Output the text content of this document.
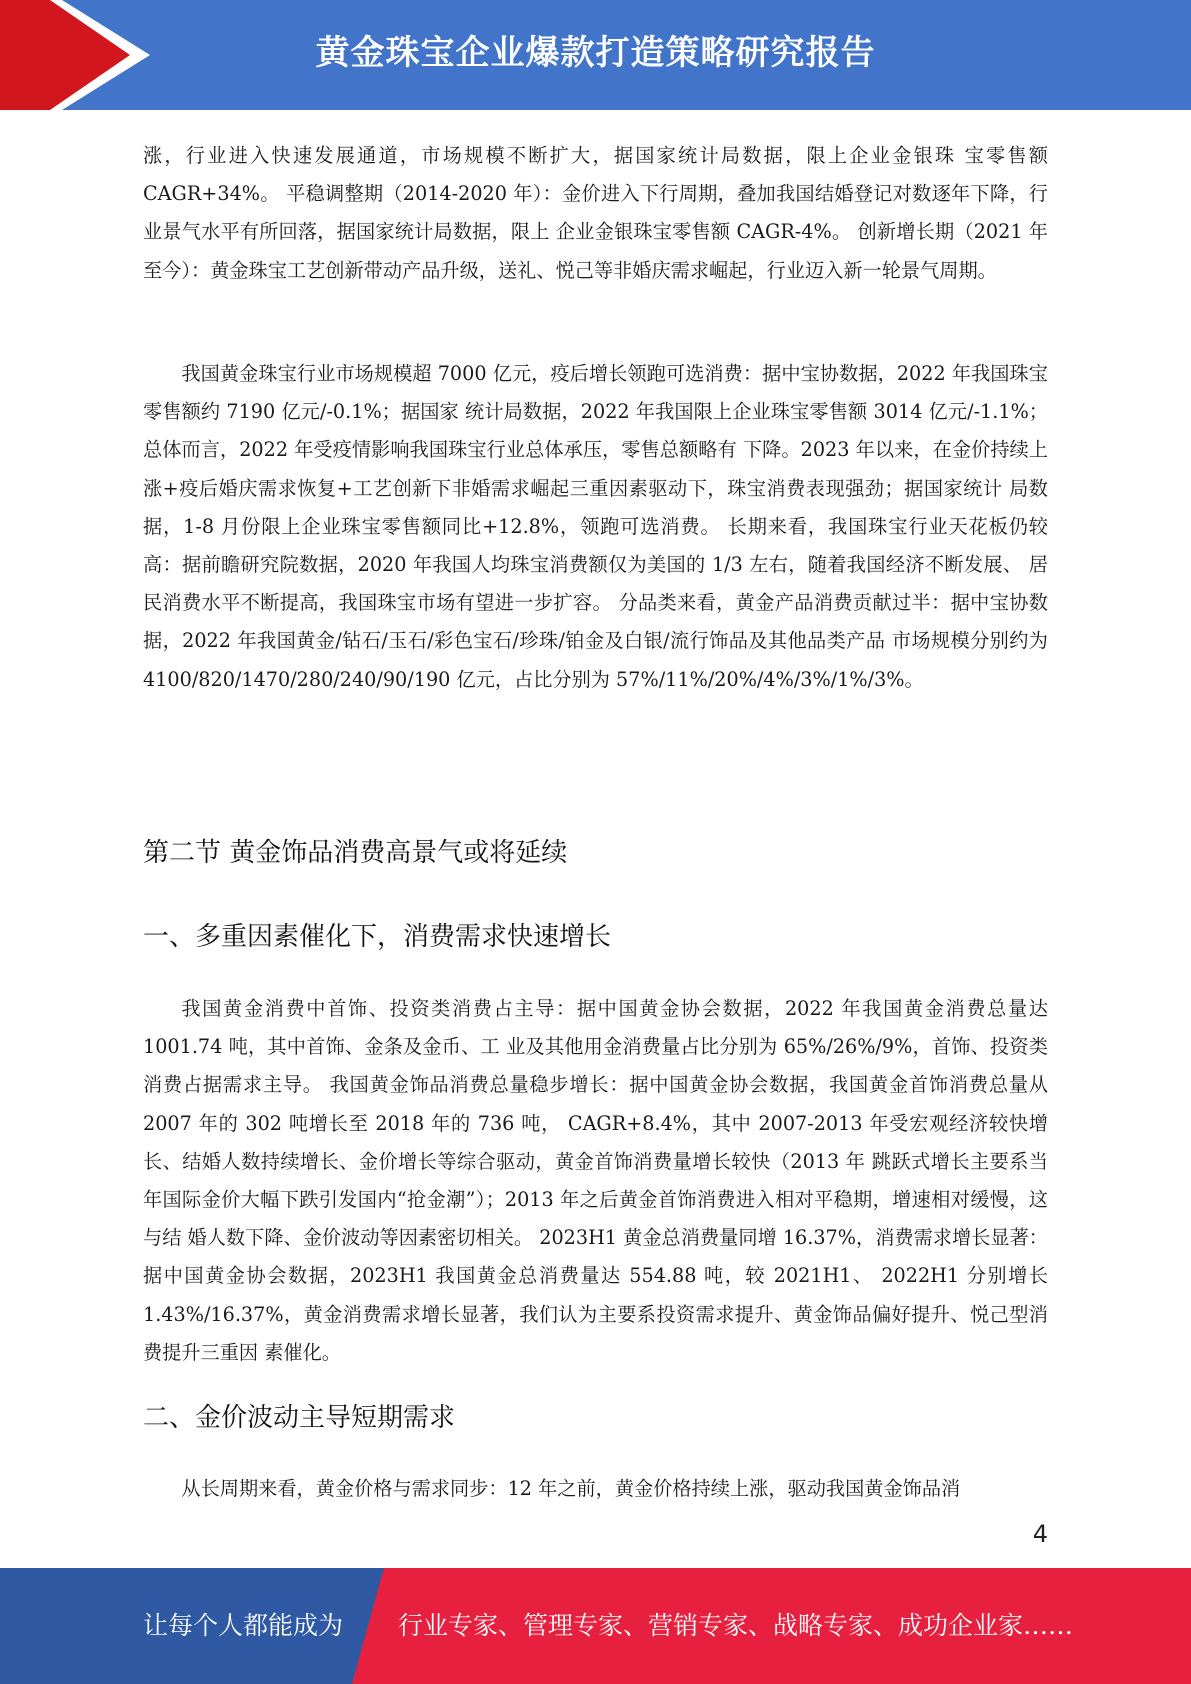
黄金珠宝企业爆款打造策略研究报告

涨，行业进入快速发展通道，市场规模不断扩大，据国家统计局数据，限上企业金银珠 宝零售额 CAGR+34%。 平稳调整期（2014-2020 年）：金价进入下行周期，叠加我国结婚登记对数逐年下降，行业景气水平有所回落，据国家统计局数据，限上 企业金银珠宝零售额 CAGR-4%。 创新增长期（2021 年至今）：黄金珠宝工艺创新带动产品升级，送礼、悦己等非婚庆需求崛起，行业迈入新一轮景气周期。

我国黄金珠宝行业市场规模超 7000 亿元，疫后增长领跑可选消费：据中宝协数据，2022 年我国珠宝零售额约 7190 亿元/-0.1%；据国家 统计局数据，2022 年我国限上企业珠宝零售额 3014 亿元/-1.1%；总体而言，2022 年受疫情影响我国珠宝行业总体承压，零售总额略有 下降。2023 年以来，在金价持续上涨+疫后婚庆需求恢复+工艺创新下非婚需求崛起三重因素驱动下，珠宝消费表现强劲；据国家统计 局数据，1-8 月份限上企业珠宝零售额同比+12.8%，领跑可选消费。 长期来看，我国珠宝行业天花板仍较高：据前瞻研究院数据，2020 年我国人均珠宝消费额仅为美国的 1/3 左右，随着我国经济不断发展、 居民消费水平不断提高，我国珠宝市场有望进一步扩容。 分品类来看，黄金产品消费贡献过半：据中宝协数据，2022 年我国黄金/钻石/玉石/彩色宝石/珍珠/铂金及白银/流行饰品及其他品类产品 市场规模分别约为 4100/820/1470/280/240/90/190 亿元，占比分别为 57%/11%/20%/4%/3%/1%/3%。

第二节 黄金饰品消费高景气或将延续
一、多重因素催化下，消费需求快速增长

我国黄金消费中首饰、投资类消费占主导：据中国黄金协会数据，2022 年我国黄金消费总量达 1001.74 吨，其中首饰、金条及金币、工 业及其他用金消费量占比分别为 65%/26%/9%，首饰、投资类消费占据需求主导。 我国黄金饰品消费总量稳步增长：据中国黄金协会数据，我国黄金首饰消费总量从 2007 年的 302 吨增长至 2018 年的 736 吨， CAGR+8.4%，其中 2007-2013 年受宏观经济较快增长、结婚人数持续增长、金价增长等综合驱动，黄金首饰消费量增长较快（2013 年 跳跃式增长主要系当年国际金价大幅下跌引发国内“抢金潮”）；2013 年之后黄金首饰消费进入相对平稳期，增速相对缓慢，这与结 婚人数下降、金价波动等因素密切相关。 2023H1 黄金总消费量同增 16.37%，消费需求增长显著：据中国黄金协会数据，2023H1 我国黄金总消费量达 554.88 吨，较 2021H1、 2022H1 分别增长 1.43%/16.37%，黄金消费需求增长显著，我们认为主要系投资需求提升、黄金饰品偏好提升、悦己型消费提升三重因 素催化。

二、金价波动主导短期需求

从长周期来看，黄金价格与需求同步：12 年之前，黄金价格持续上涨，驱动我国黄金饰品消

4
让每个人都能成为 行业专家、管理专家、营销专家、战略专家、成功企业家……
